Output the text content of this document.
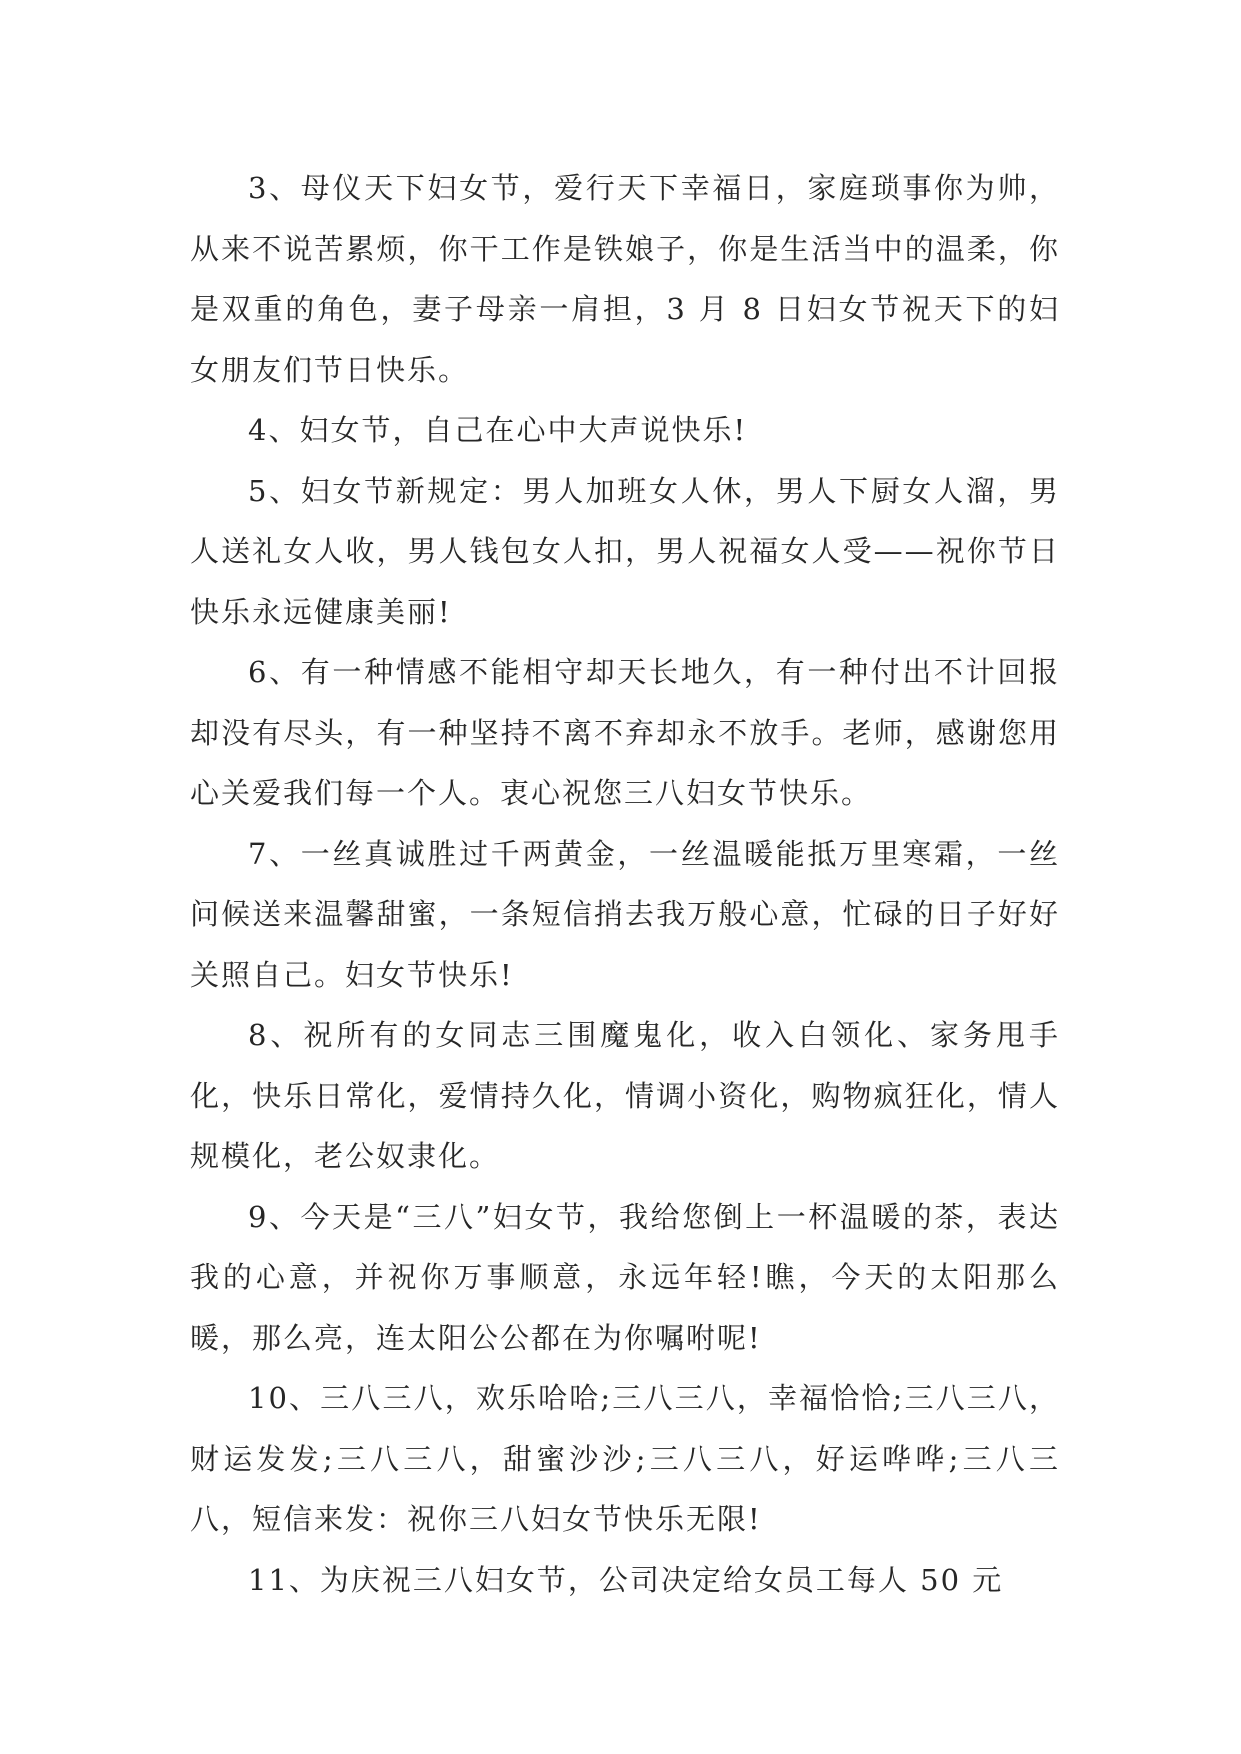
3、母仪天下妇女节，爱行天下幸福日，家庭琐事你为帅，从来不说苦累烦，你干工作是铁娘子，你是生活当中的温柔，你是双重的角色，妻子母亲一肩担，3 月 8 日妇女节祝天下的妇女朋友们节日快乐。

4、妇女节，自己在心中大声说快乐!

5、妇女节新规定：男人加班女人休，男人下厨女人溜，男人送礼女人收，男人钱包女人扣，男人祝福女人受——祝你节日快乐永远健康美丽!

6、有一种情感不能相守却天长地久，有一种付出不计回报却没有尽头，有一种坚持不离不弃却永不放手。老师，感谢您用心关爱我们每一个人。衷心祝您三八妇女节快乐。

7、一丝真诚胜过千两黄金，一丝温暖能抵万里寒霜，一丝问候送来温馨甜蜜，一条短信捎去我万般心意，忙碌的日子好好关照自己。妇女节快乐!

8、祝所有的女同志三围魔鬼化，收入白领化、家务甩手化，快乐日常化，爱情持久化，情调小资化，购物疯狂化，情人规模化，老公奴隶化。

9、今天是“三八”妇女节，我给您倒上一杯温暖的茶，表达我的心意，并祝你万事顺意，永远年轻!瞧，今天的太阳那么暖，那么亮，连太阳公公都在为你嘱咐呢!

10、三八三八，欢乐哈哈;三八三八，幸福恰恰;三八三八，财运发发;三八三八，甜蜜沙沙;三八三八，好运哗哗;三八三八，短信来发：祝你三八妇女节快乐无限!

11、为庆祝三八妇女节，公司决定给女员工每人 50 元
